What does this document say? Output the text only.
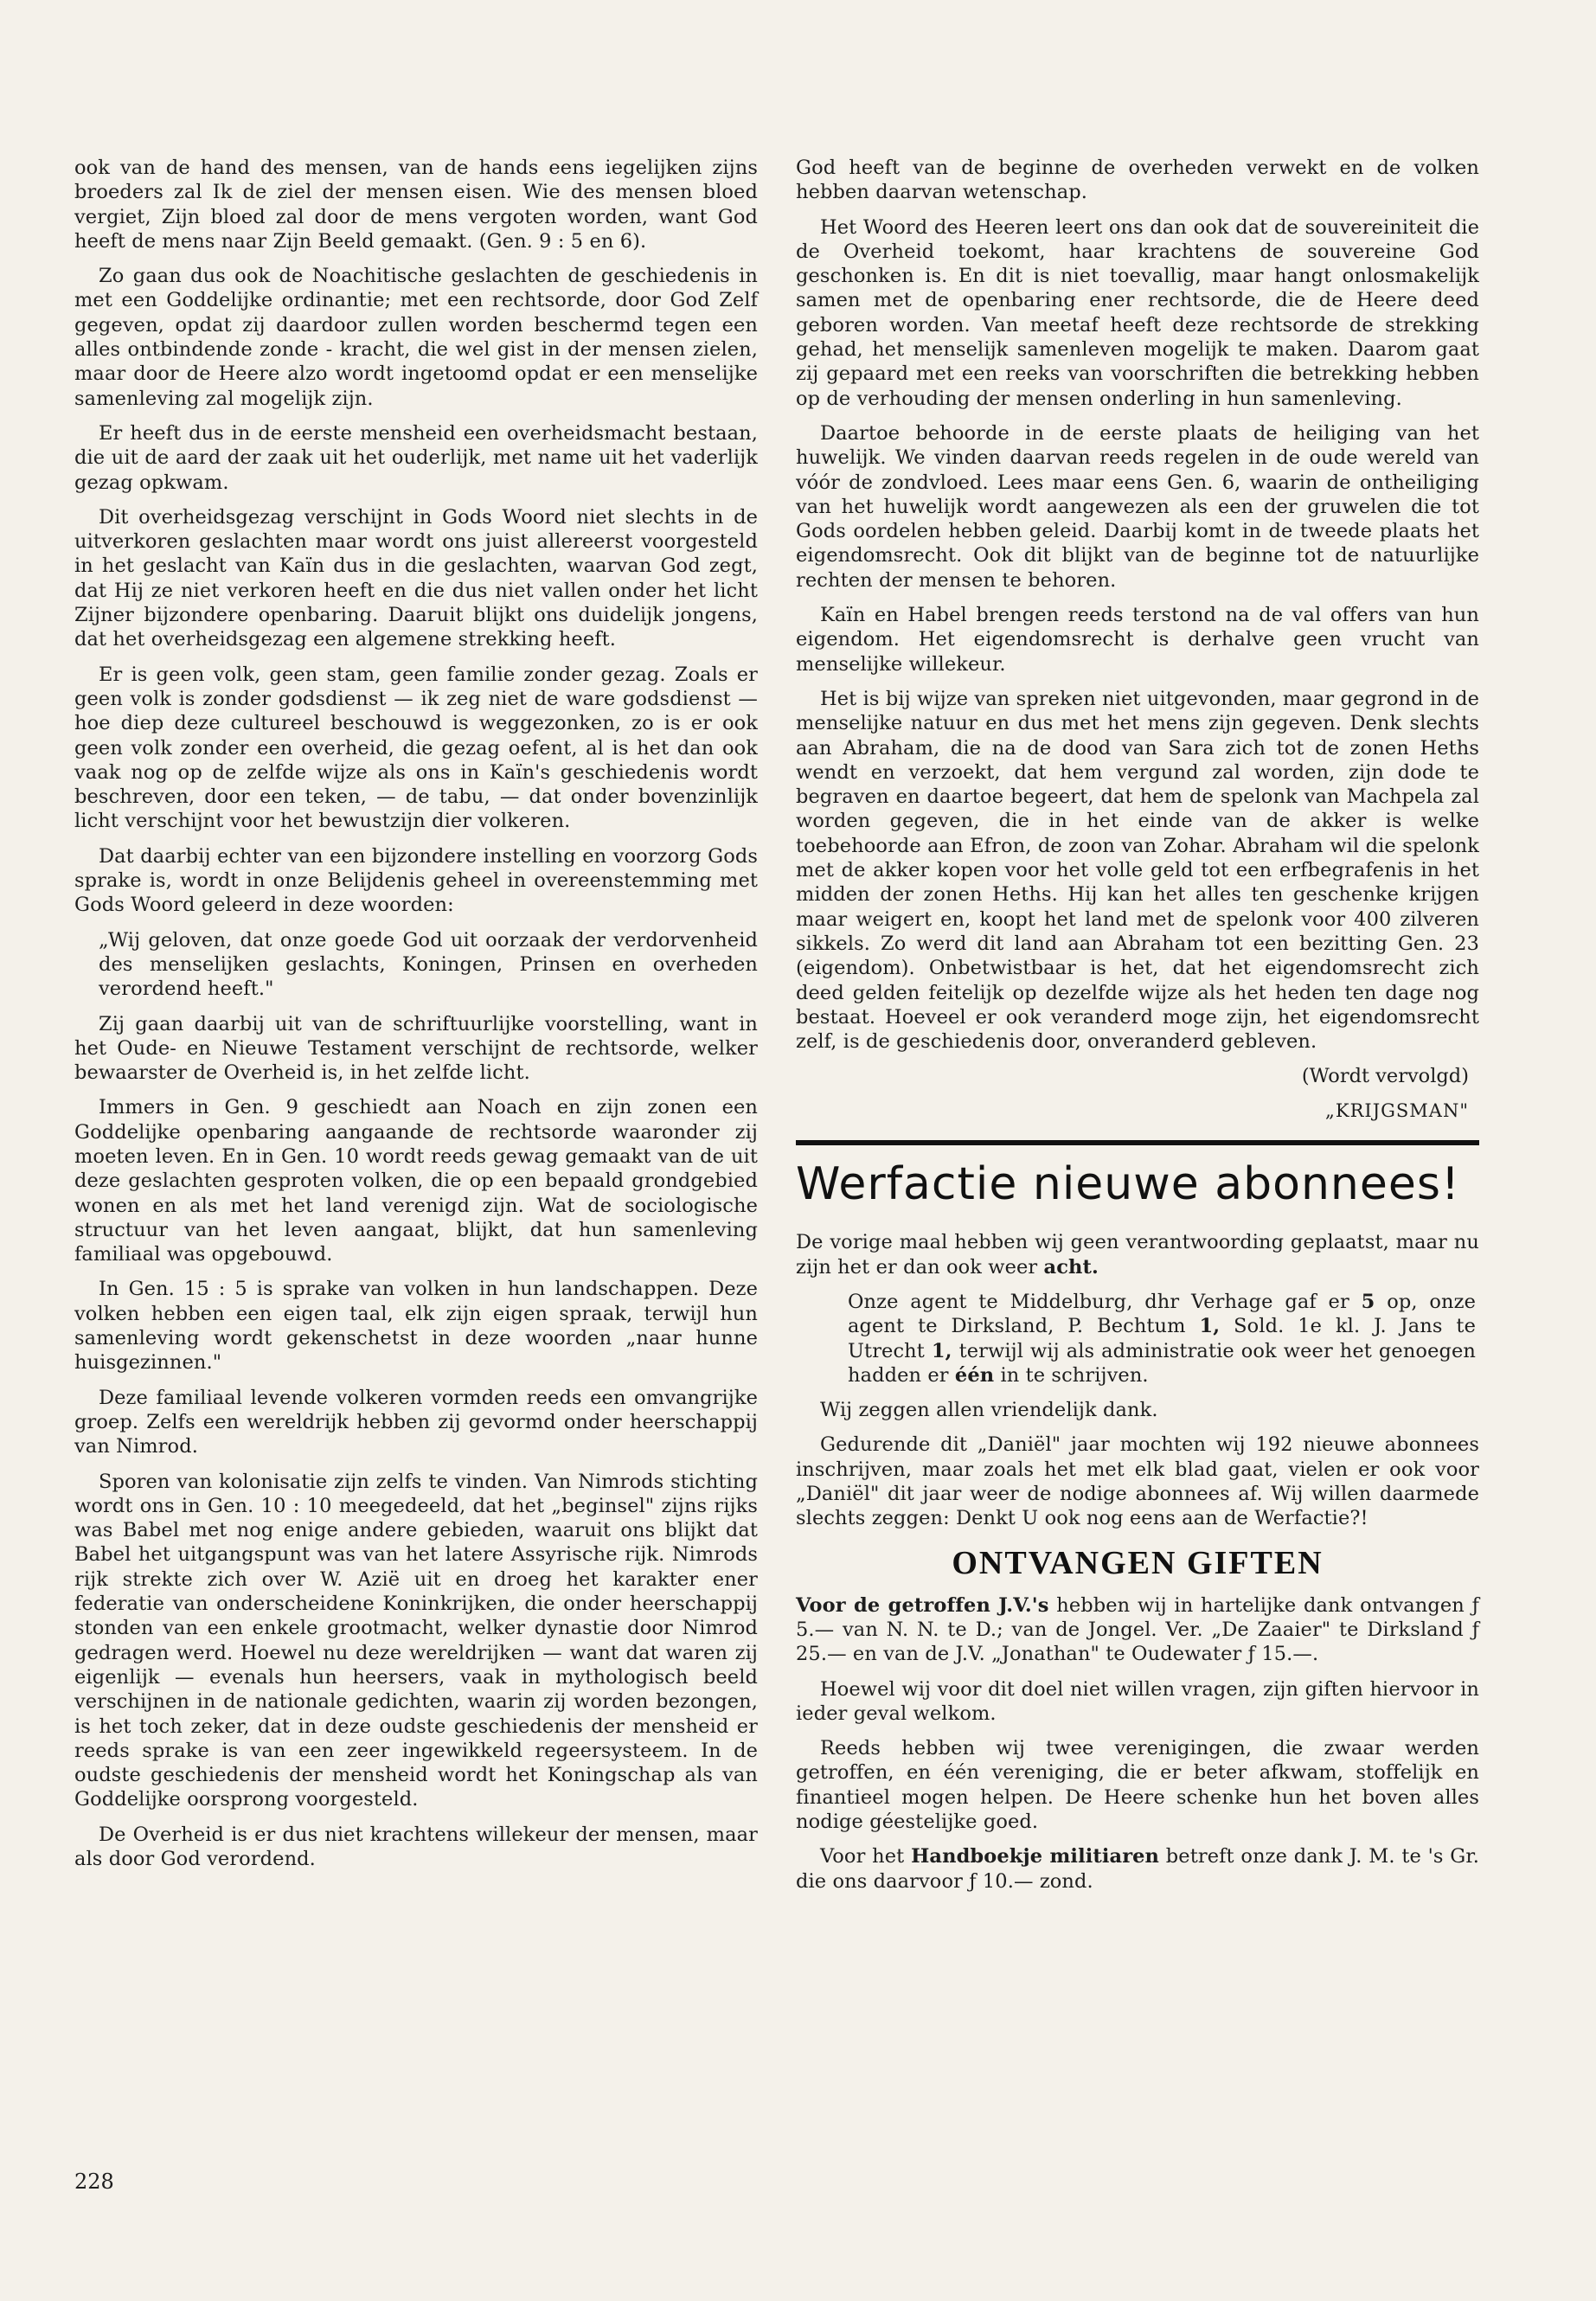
ook van de hand des mensen, van de hands eens iegelijken zijns broeders zal Ik de ziel der mensen eisen. Wie des mensen bloed vergiet, Zijn bloed zal door de mens vergoten worden, want God heeft de mens naar Zijn Beeld gemaakt. (Gen. 9 : 5 en 6).

Zo gaan dus ook de Noachitische geslachten de geschiedenis in met een Goddelijke ordinantie; met een rechtsorde, door God Zelf gegeven, opdat zij daardoor zullen worden beschermd tegen een alles ontbindende zonde - kracht, die wel gist in der mensen zielen, maar door de Heere alzo wordt ingetoomd opdat er een menselijke samenleving zal mogelijk zijn.

Er heeft dus in de eerste mensheid een overheidsmacht bestaan, die uit de aard der zaak uit het ouderlijk, met name uit het vaderlijk gezag opkwam.

Dit overheidsgezag verschijnt in Gods Woord niet slechts in de uitverkoren geslachten maar wordt ons juist allereerst voorgesteld in het geslacht van Kaïn dus in die geslachten, waarvan God zegt, dat Hij ze niet verkoren heeft en die dus niet vallen onder het licht Zijner bijzondere openbaring. Daaruit blijkt ons duidelijk jongens, dat het overheidsgezag een algemene strekking heeft.

Er is geen volk, geen stam, geen familie zonder gezag. Zoals er geen volk is zonder godsdienst — ik zeg niet de ware godsdienst — hoe diep deze cultureel beschouwd is weggezonken, zo is er ook geen volk zonder een overheid, die gezag oefent, al is het dan ook vaak nog op de zelfde wijze als ons in Kaïn's geschiedenis wordt beschreven, door een teken, — de tabu, — dat onder bovenzinlijk licht verschijnt voor het bewustzijn dier volkeren.

Dat daarbij echter van een bijzondere instelling en voorzorg Gods sprake is, wordt in onze Belijdenis geheel in overeenstemming met Gods Woord geleerd in deze woorden:

„Wij geloven, dat onze goede God uit oorzaak der verdorvenheid des menselijken geslachts, Koningen, Prinsen en overheden verordend heeft."

Zij gaan daarbij uit van de schriftuurlijke voorstelling, want in het Oude- en Nieuwe Testament verschijnt de rechtsorde, welker bewaarster de Overheid is, in het zelfde licht.

Immers in Gen. 9 geschiedt aan Noach en zijn zonen een Goddelijke openbaring aangaande de rechtsorde waaronder zij moeten leven. En in Gen. 10 wordt reeds gewag gemaakt van de uit deze geslachten gesproten volken, die op een bepaald grondgebied wonen en als met het land verenigd zijn. Wat de sociologische structuur van het leven aangaat, blijkt, dat hun samenleving familiaal was opgebouwd.

In Gen. 15 : 5 is sprake van volken in hun landschappen. Deze volken hebben een eigen taal, elk zijn eigen spraak, terwijl hun samenleving wordt gekenschetst in deze woorden „naar hunne huisgezinnen."

Deze familiaal levende volkeren vormden reeds een omvangrijke groep. Zelfs een wereldrijk hebben zij gevormd onder heerschappij van Nimrod.

Sporen van kolonisatie zijn zelfs te vinden. Van Nimrods stichting wordt ons in Gen. 10 : 10 meegedeeld, dat het „beginsel" zijns rijks was Babel met nog enige andere gebieden, waaruit ons blijkt dat Babel het uitgangspunt was van het latere Assyrische rijk. Nimrods rijk strekte zich over W. Azië uit en droeg het karakter ener federatie van onderscheidene Koninkrijken, die onder heerschappij stonden van een enkele grootmacht, welker dynastie door Nimrod gedragen werd. Hoewel nu deze wereldrijken — want dat waren zij eigenlijk — evenals hun heersers, vaak in mythologisch beeld verschijnen in de nationale gedichten, waarin zij worden bezongen, is het toch zeker, dat in deze oudste geschiedenis der mensheid er reeds sprake is van een zeer ingewikkeld regeersysteem. In de oudste geschiedenis der mensheid wordt het Koningschap als van Goddelijke oorsprong voorgesteld.

De Overheid is er dus niet krachtens willekeur der mensen, maar als door God verordend.

God heeft van de beginne de overheden verwekt en de volken hebben daarvan wetenschap.

Het Woord des Heeren leert ons dan ook dat de souvereiniteit die de Overheid toekomt, haar krachtens de souvereine God geschonken is. En dit is niet toevallig, maar hangt onlosmakelijk samen met de openbaring ener rechtsorde, die de Heere deed geboren worden. Van meetaf heeft deze rechtsorde de strekking gehad, het menselijk samenleven mogelijk te maken. Daarom gaat zij gepaard met een reeks van voorschriften die betrekking hebben op de verhouding der mensen onderling in hun samenleving.

Daartoe behoorde in de eerste plaats de heiliging van het huwelijk. We vinden daarvan reeds regelen in de oude wereld van vóór de zondvloed. Lees maar eens Gen. 6, waarin de ontheiliging van het huwelijk wordt aangewezen als een der gruwelen die tot Gods oordelen hebben geleid. Daarbij komt in de tweede plaats het eigendomsrecht. Ook dit blijkt van de beginne tot de natuurlijke rechten der mensen te behoren.

Kaïn en Habel brengen reeds terstond na de val offers van hun eigendom. Het eigendomsrecht is derhalve geen vrucht van menselijke willekeur.

Het is bij wijze van spreken niet uitgevonden, maar gegrond in de menselijke natuur en dus met het mens zijn gegeven. Denk slechts aan Abraham, die na de dood van Sara zich tot de zonen Heths wendt en verzoekt, dat hem vergund zal worden, zijn dode te begraven en daartoe begeert, dat hem de spelonk van Machpela zal worden gegeven, die in het einde van de akker is welke toebehoorde aan Efron, de zoon van Zohar. Abraham wil die spelonk met de akker kopen voor het volle geld tot een erfbegrafenis in het midden der zonen Heths. Hij kan het alles ten geschenke krijgen maar weigert en, koopt het land met de spelonk voor 400 zilveren sikkels. Zo werd dit land aan Abraham tot een bezitting Gen. 23 (eigendom). Onbetwistbaar is het, dat het eigendomsrecht zich deed gelden feitelijk op dezelfde wijze als het heden ten dage nog bestaat. Hoeveel er ook veranderd moge zijn, het eigendomsrecht zelf, is de geschiedenis door, onveranderd gebleven.

(Wordt vervolgd)
„KRIJGSMAN"
Werfactie nieuwe abonnees!

De vorige maal hebben wij geen verantwoording geplaatst, maar nu zijn het er dan ook weer acht.

Onze agent te Middelburg, dhr Verhage gaf er 5 op, onze agent te Dirksland, P. Bechtum 1, Sold. 1e kl. J. Jans te Utrecht 1, terwijl wij als administratie ook weer het genoegen hadden er één in te schrijven.

Wij zeggen allen vriendelijk dank.

Gedurende dit „Daniël" jaar mochten wij 192 nieuwe abonnees inschrijven, maar zoals het met elk blad gaat, vielen er ook voor „Daniël" dit jaar weer de nodige abonnees af. Wij willen daarmede slechts zeggen: Denkt U ook nog eens aan de Werfactie?!

ONTVANGEN GIFTEN

Voor de getroffen J.V.'s hebben wij in hartelijke dank ontvangen ƒ 5.— van N. N. te D.; van de Jongel. Ver. „De Zaaier" te Dirksland ƒ 25.— en van de J.V. „Jonathan" te Oudewater ƒ 15.—.

Hoewel wij voor dit doel niet willen vragen, zijn giften hiervoor in ieder geval welkom.

Reeds hebben wij twee verenigingen, die zwaar werden getroffen, en één vereniging, die er beter afkwam, stoffelijk en finantieel mogen helpen. De Heere schenke hun het boven alles nodige géestelijke goed.

Voor het Handboekje militiaren betreft onze dank J. M. te 's Gr. die ons daarvoor ƒ 10.— zond.

228
